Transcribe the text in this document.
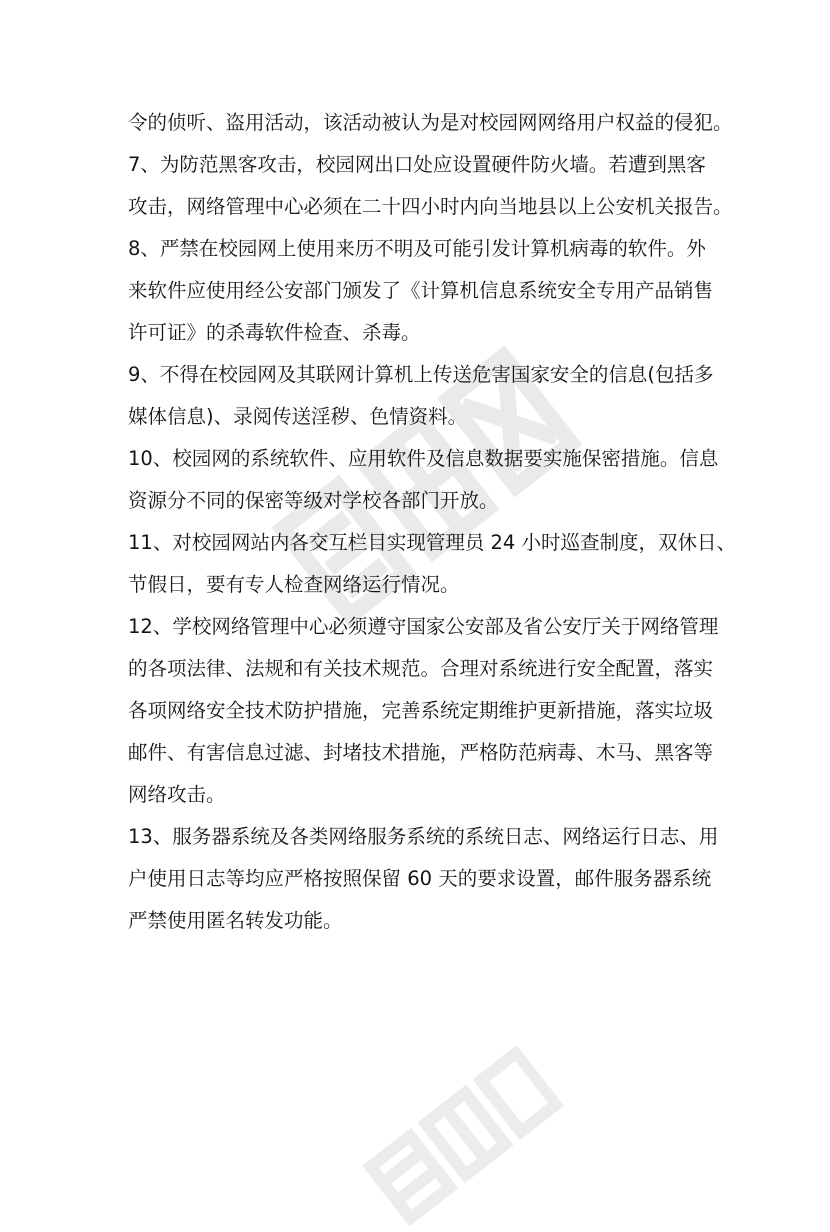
令的侦听、盗用活动，该活动被认为是对校园网网络用户权益的侵犯。
7、为防范黑客攻击，校园网出口处应设置硬件防火墙。若遭到黑客
攻击，网络管理中心必须在二十四小时内向当地县以上公安机关报告。
8、严禁在校园网上使用来历不明及可能引发计算机病毒的软件。外
来软件应使用经公安部门颁发了《计算机信息系统安全专用产品销售
许可证》的杀毒软件检查、杀毒。
9、不得在校园网及其联网计算机上传送危害国家安全的信息(包括多
媒体信息)、录阅传送淫秽、色情资料。
10、校园网的系统软件、应用软件及信息数据要实施保密措施。信息
资源分不同的保密等级对学校各部门开放。
11、对校园网站内各交互栏目实现管理员 24 小时巡查制度，双休日、
节假日，要有专人检查网络运行情况。
12、学校网络管理中心必须遵守国家公安部及省公安厅关于网络管理
的各项法律、法规和有关技术规范。合理对系统进行安全配置，落实
各项网络安全技术防护措施，完善系统定期维护更新措施，落实垃圾
邮件、有害信息过滤、封堵技术措施，严格防范病毒、木马、黑客等
网络攻击。
13、服务器系统及各类网络服务系统的系统日志、网络运行日志、用
户使用日志等均应严格按照保留 60 天的要求设置，邮件服务器系统
严禁使用匿名转发功能。
